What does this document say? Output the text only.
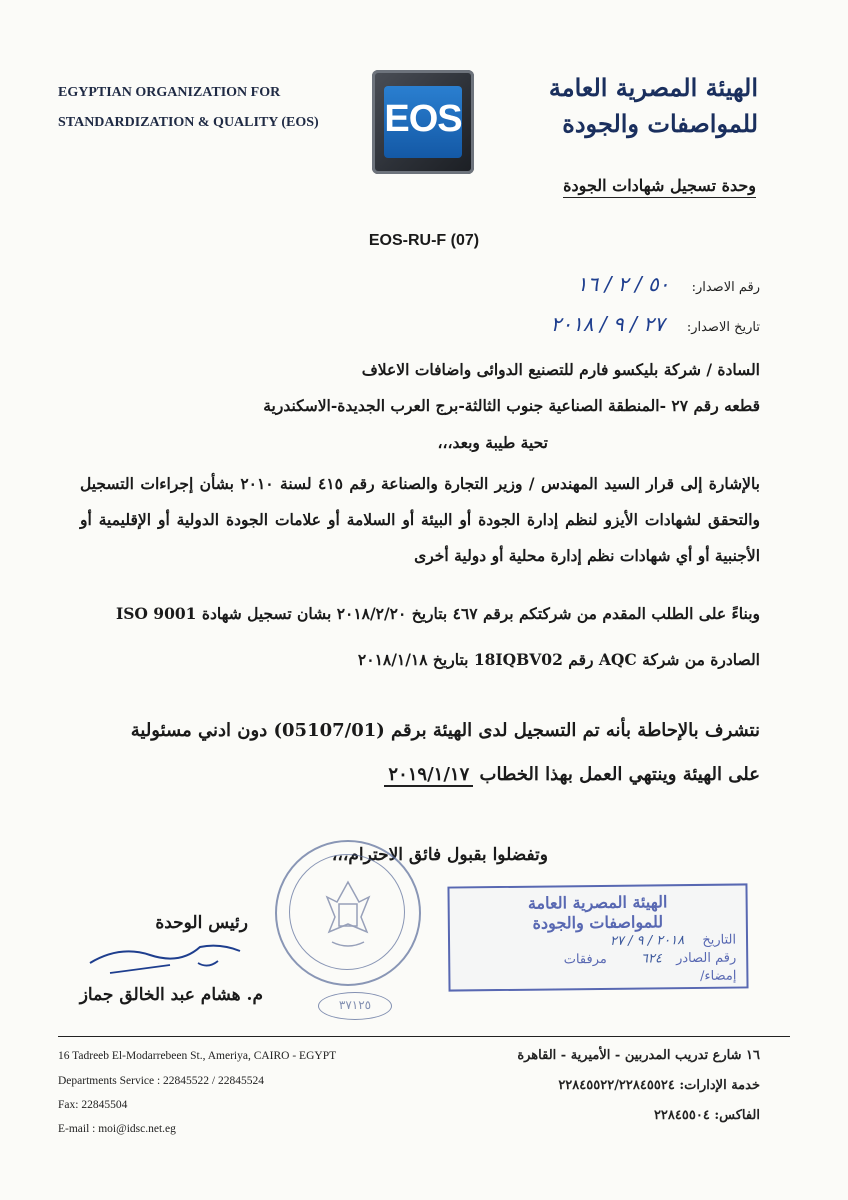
EGYPTIAN ORGANIZATION FOR
STANDARDIZATION & QUALITY (EOS)	EOS
الهيئة المصرية العامة
للمواصفات والجودة
وحدة تسجيل شهادات الجودة
EOS-RU-F (07)
رقم الاصدار: ٥٠ / ٢ / ١٦
تاريخ الاصدار: ٢٧ / ٩ / ٢٠١٨
السادة / شركة بليكسو فارم للتصنيع الدوائى واضافات الاعلاف
قطعه رقم ٢٧ -المنطقة الصناعية جنوب الثالثة-برج العرب الجديدة-الاسكندرية
تحية طيبة وبعد،،،
بالإشارة إلى قرار السيد المهندس / وزير التجارة والصناعة رقم ٤١٥ لسنة ٢٠١٠ بشأن إجراءات التسجيل والتحقق لشهادات الأيزو لنظم إدارة الجودة أو البيئة أو السلامة أو علامات الجودة الدولية أو الإقليمية أو الأجنبية أو أي شهادات نظم إدارة محلية أو دولية أخرى
وبناءً على الطلب المقدم من شركتكم برقم ٤٦٧ بتاريخ ٢٠١٨/٢/٢٠ بشان تسجيل شهادة ISO 9001
الصادرة من شركة AQC رقم 18IQBV02 بتاريخ ٢٠١٨/١/١٨
نتشرف بالإحاطة بأنه تم التسجيل لدى الهيئة برقم (05107/01) دون ادني مسئولية
على الهيئة وينتهي العمل بهذا الخطاب ٢٠١٩/١/١٧
وتفضلوا بقبول فائق الاحترام،،،
٣٧١٢٥
الهيئة المصرية العامة
للمواصفات والجودة
التاريخ ٢٠١٨ / ٩ / ٢٧
رقم الصادر ٦٢٤ مرفقات
إمضاء/
رئيس الوحدة
م. هشام عبد الخالق جماز
16 Tadreeb El-Modarrebeen St., Ameriya, CAIRO - EGYPT
Departments Service : 22845522 / 22845524
Fax: 22845504
E-mail : moi@idsc.net.eg
١٦ شارع تدريب المدربين - الأميرية - القاهرة
خدمة الإدارات: ٢٢٨٤٥٥٢٢/٢٢٨٤٥٥٢٤
الفاكس: ٢٢٨٤٥٥٠٤
